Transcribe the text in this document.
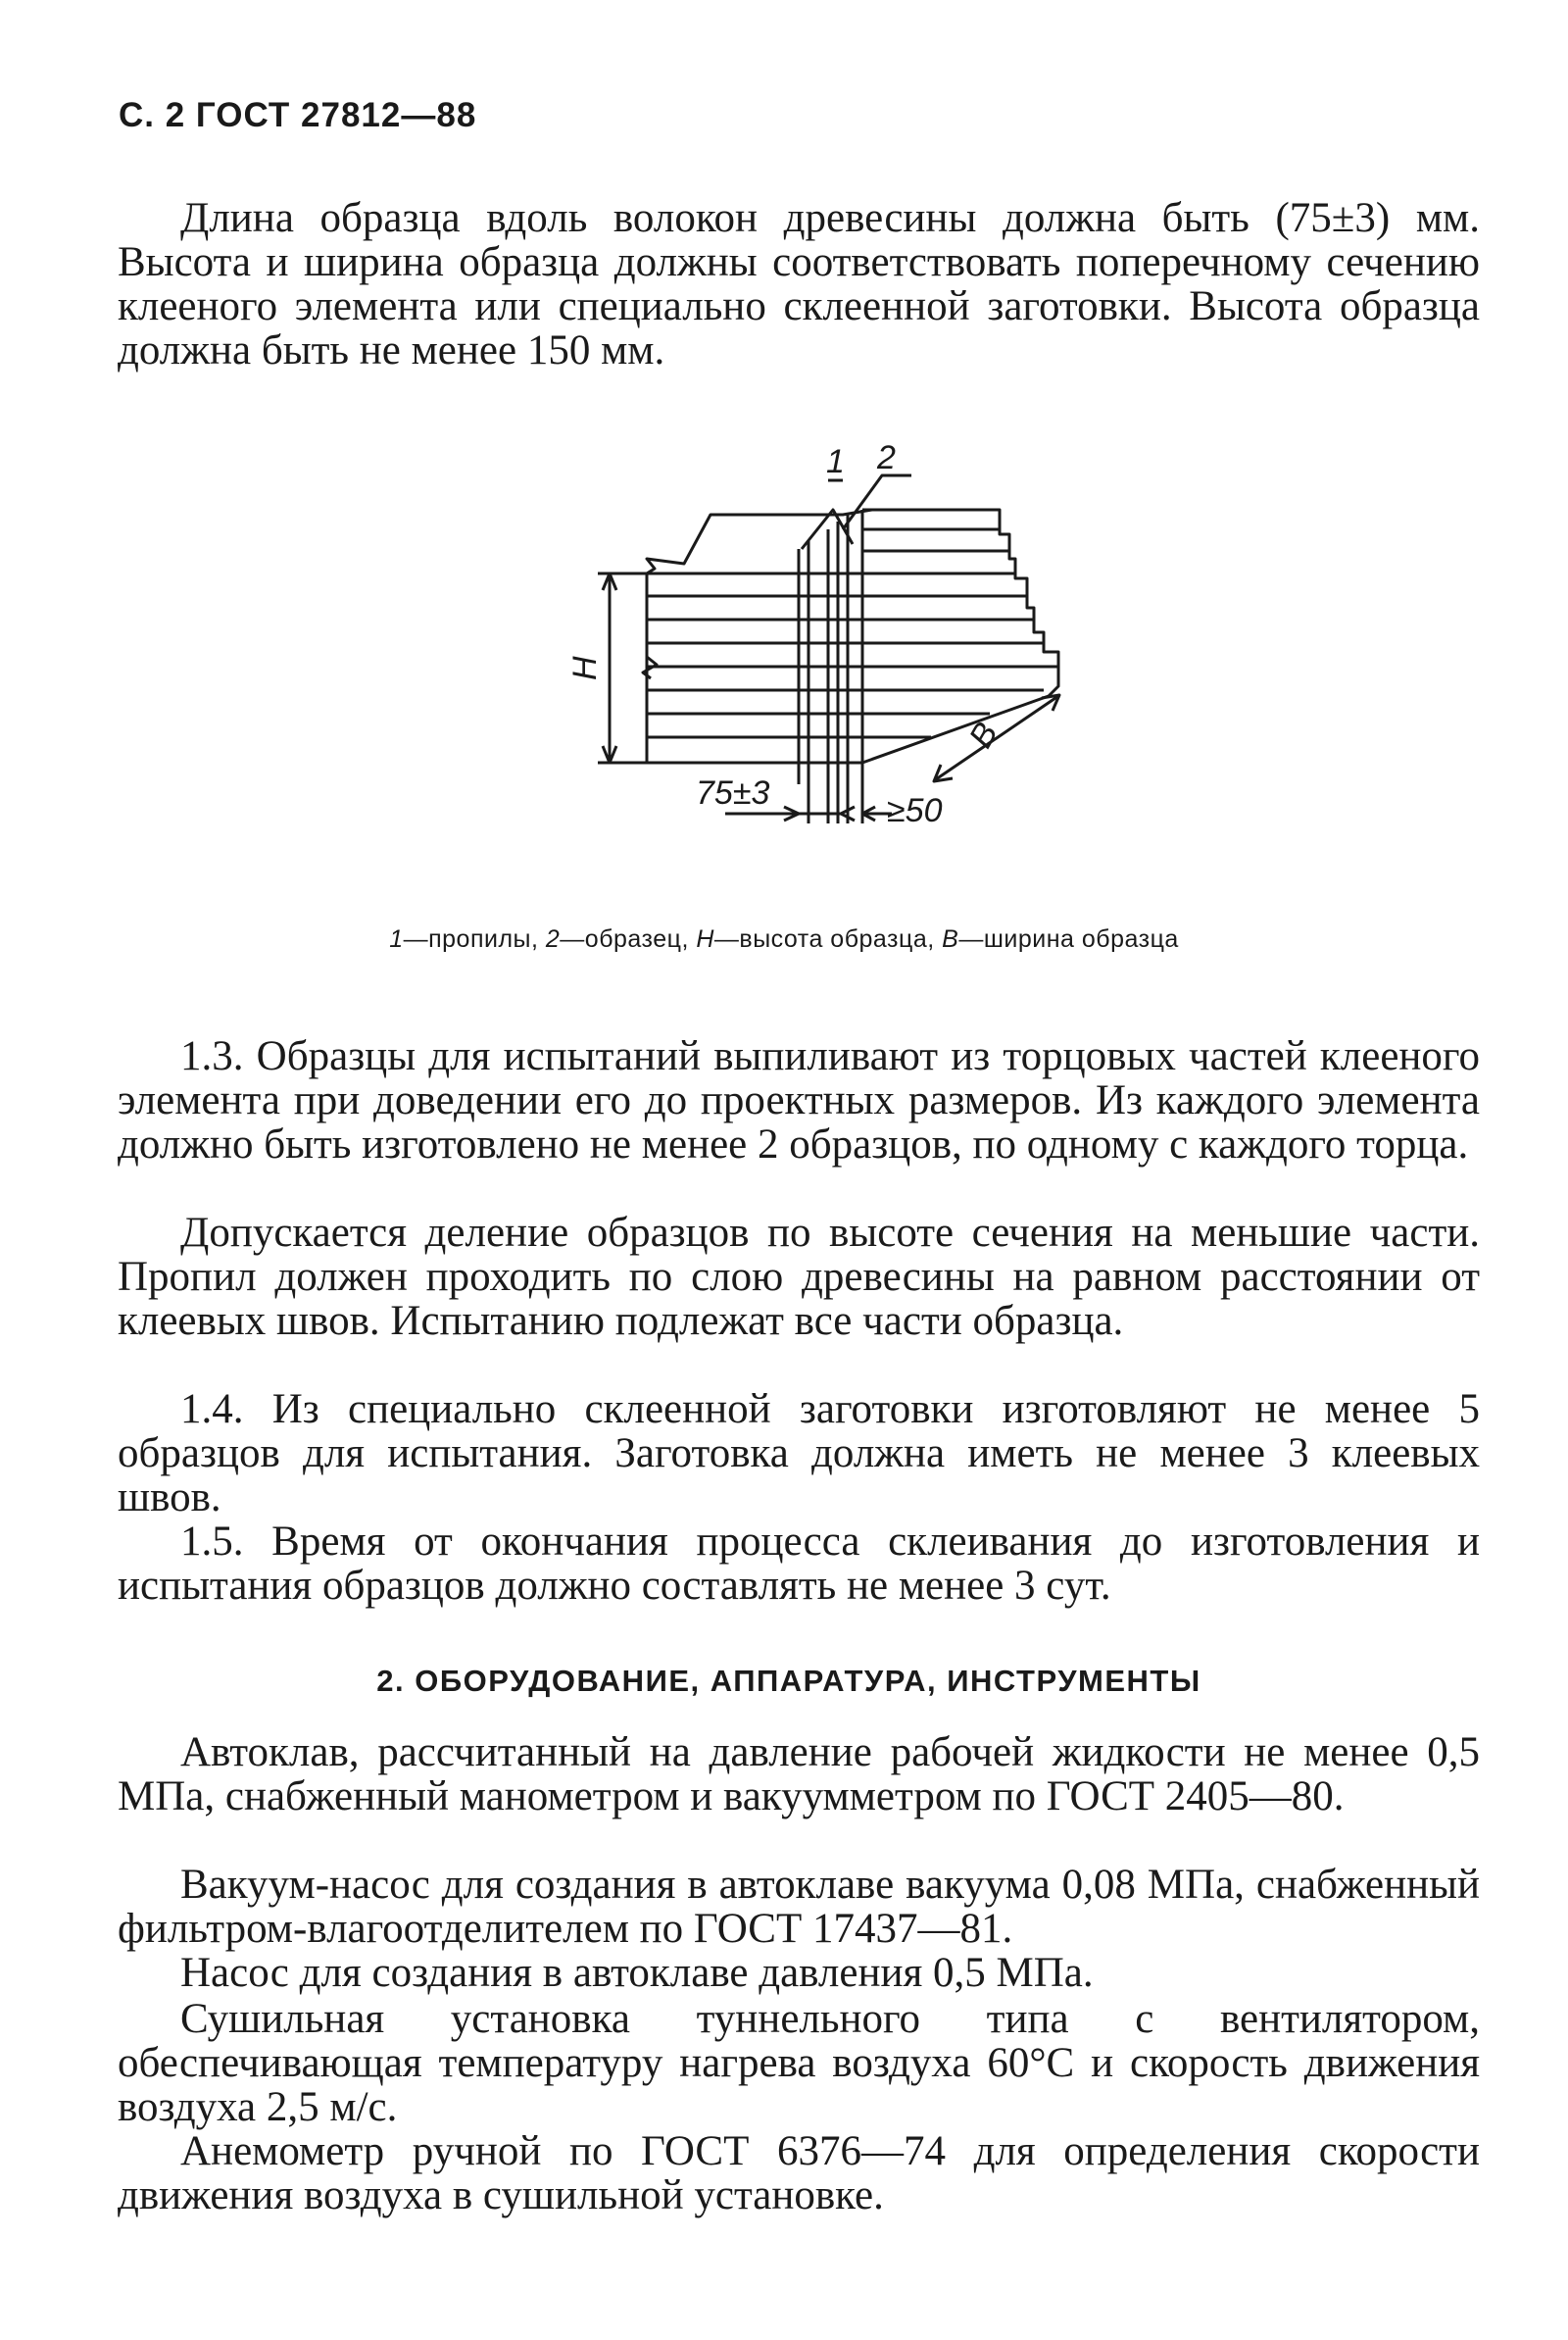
С. 2 ГОСТ 27812—88

Длина образца вдоль волокон древесины должна быть (75±3) мм. Высота и ширина образца должны соответствовать поперечному сечению клееного элемента или специально склеенной заготовки. Высота образца должна быть не менее 150 мм.

1 2
H
B
75±3	≥50
1—пропилы, 2—образец, H—высота образца, B—ширина образца

1.3. Образцы для испытаний выпиливают из торцовых частей клееного элемента при доведении его до проектных размеров. Из каждого элемента должно быть изготовлено не менее 2 образцов, по одному с каждого торца.

Допускается деление образцов по высоте сечения на меньшие части. Пропил должен проходить по слою древесины на равном расстоянии от клеевых швов. Испытанию подлежат все части образца.

1.4. Из специально склеенной заготовки изготовляют не менее 5 образцов для испытания. Заготовка должна иметь не менее 3 клеевых швов.

1.5. Время от окончания процесса склеивания до изготовления и испытания образцов должно составлять не менее 3 сут.

2. ОБОРУДОВАНИЕ, АППАРАТУРА, ИНСТРУМЕНТЫ

Автоклав, рассчитанный на давление рабочей жидкости не менее 0,5 МПа, снабженный манометром и вакуумметром по ГОСТ 2405—80.

Вакуум-насос для создания в автоклаве вакуума 0,08 МПа, снабженный фильтром-влагоотделителем по ГОСТ 17437—81.

Насос для создания в автоклаве давления 0,5 МПа.

Сушильная установка туннельного типа с вентилятором, обеспечивающая температуру нагрева воздуха 60°С и скорость движения воздуха 2,5 м/с.

Анемометр ручной по ГОСТ 6376—74 для определения скорости движения воздуха в сушильной установке.
